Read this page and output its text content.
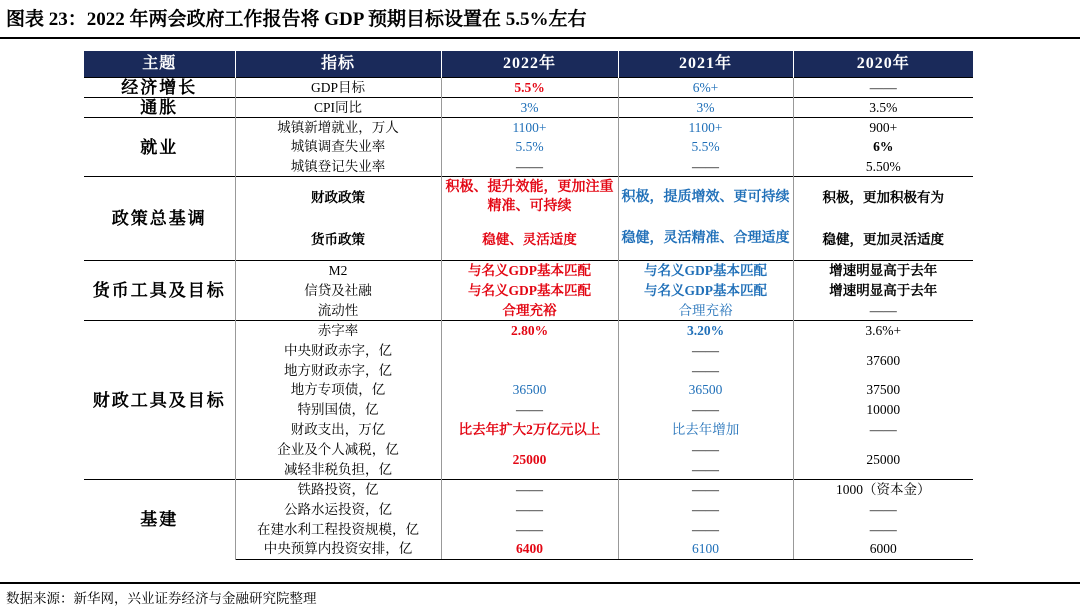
图表 23：2022 年两会政府工作报告将 GDP 预期目标设置在 5.5%左右
主题	指标	2022年	2021年	2020年
经济增长	GDP目标	5.5%	6%+	——
通胀	CPI同比	3%	3%	3.5%
就业	城镇新增就业，万人	1100+	1100+	900+
	城镇调查失业率	5.5%	5.5%	6%
	城镇登记失业率	——	——	5.50%
政策总基调	财政政策	积极、提升效能，更加注重精准、可持续	积极，提质增效、更可持续	积极，更加积极有为
	货币政策	稳健、灵活适度	稳健，灵活精准、合理适度	稳健，更加灵活适度
货币工具及目标	M2	与名义GDP基本匹配	与名义GDP基本匹配	增速明显高于去年
	信贷及社融	与名义GDP基本匹配	与名义GDP基本匹配	增速明显高于去年
	流动性	合理充裕	合理充裕	——
财政工具及目标	赤字率	2.80%	3.20%	3.6%+
	中央财政赤字，亿		——	37600
	地方财政赤字，亿		——	
	地方专项债，亿	36500	36500	37500
	特别国债，亿	——	——	10000
	财政支出，万亿	比去年扩大2万亿元以上	比去年增加	——
	企业及个人减税，亿	25000	——	25000
	减轻非税负担，亿		——	
基建	铁路投资，亿	——	——	1000（资本金）
	公路水运投资，亿	——	——	——
	在建水利工程投资规模，亿	——	——	——
	中央预算内投资安排，亿	6400	6100	6000
数据来源：新华网，兴业证券经济与金融研究院整理
